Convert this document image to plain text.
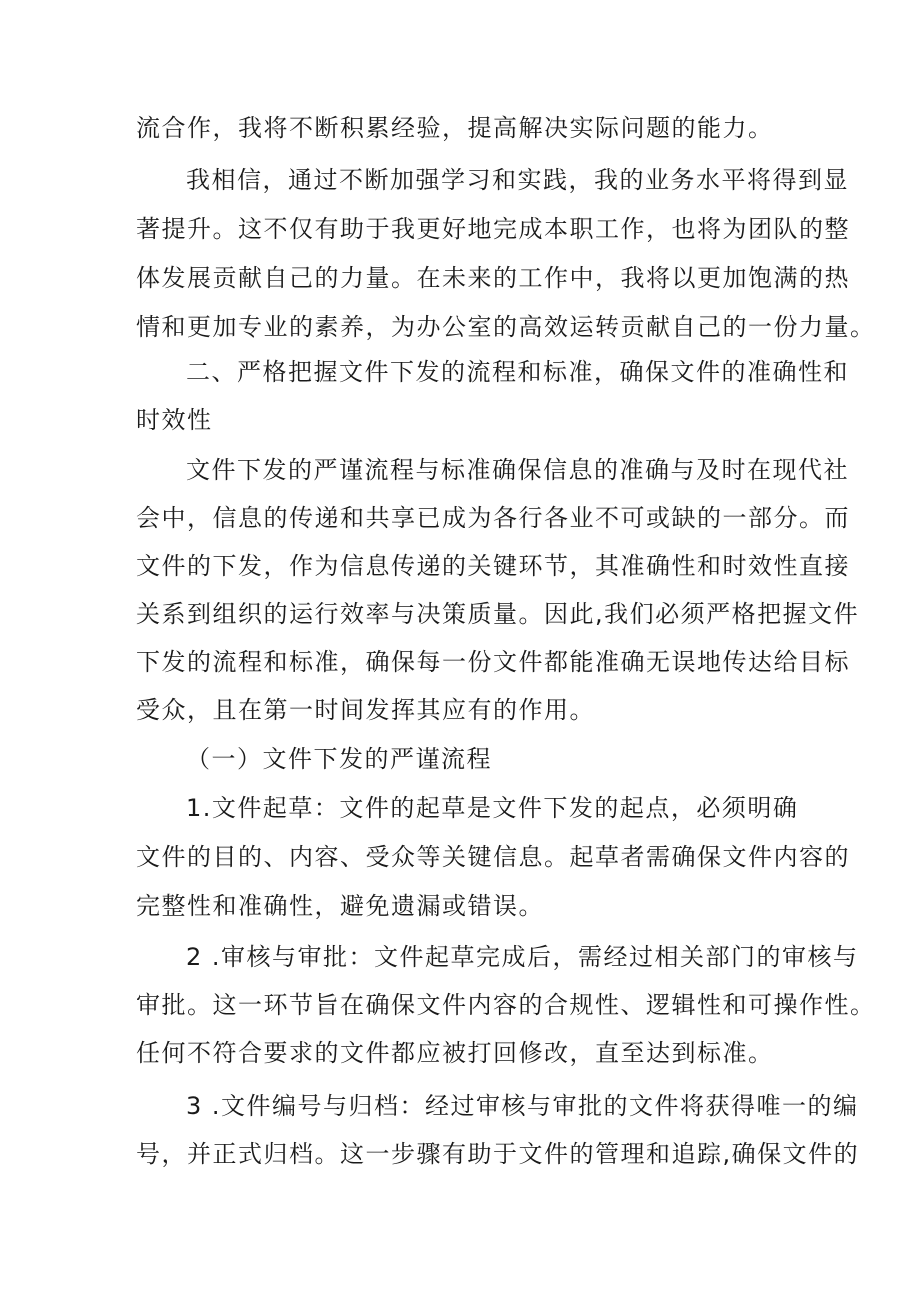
流合作，我将不断积累经验，提高解决实际问题的能力。
我相信，通过不断加强学习和实践，我的业务水平将得到显
著提升。这不仅有助于我更好地完成本职工作，也将为团队的整
体发展贡献自己的力量。在未来的工作中，我将以更加饱满的热
情和更加专业的素养，为办公室的高效运转贡献自己的一份力量。
二、严格把握文件下发的流程和标准，确保文件的准确性和
时效性
文件下发的严谨流程与标准确保信息的准确与及时在现代社
会中，信息的传递和共享已成为各行各业不可或缺的一部分。而
文件的下发，作为信息传递的关键环节，其准确性和时效性直接
关系到组织的运行效率与决策质量。因此,我们必须严格把握文件
下发的流程和标准，确保每一份文件都能准确无误地传达给目标
受众，且在第一时间发挥其应有的作用。
（一）文件下发的严谨流程
1.文件起草：文件的起草是文件下发的起点，必须明确
文件的目的、内容、受众等关键信息。起草者需确保文件内容的
完整性和准确性，避免遗漏或错误。
2 .审核与审批：文件起草完成后，需经过相关部门的审核与
审批。这一环节旨在确保文件内容的合规性、逻辑性和可操作性。
任何不符合要求的文件都应被打回修改，直至达到标准。
3 .文件编号与归档：经过审核与审批的文件将获得唯一的编
号，并正式归档。这一步骤有助于文件的管理和追踪,确保文件的
